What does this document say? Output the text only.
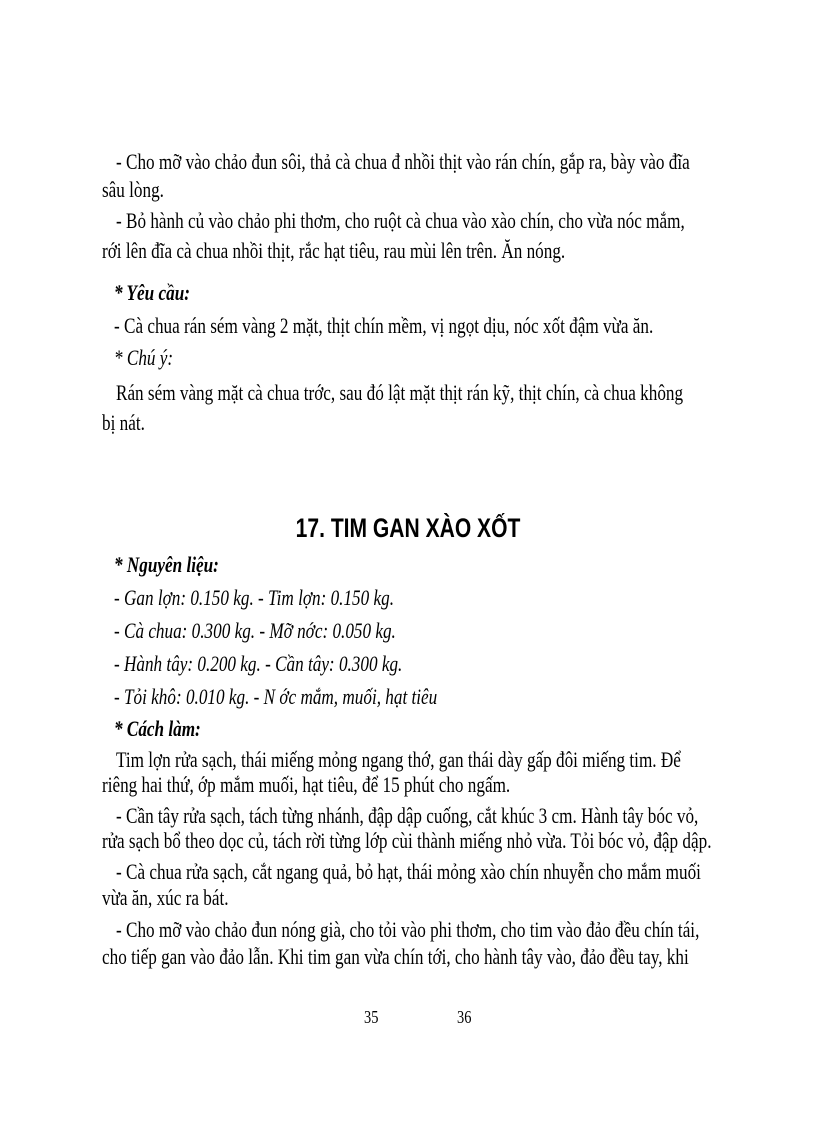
- Cho mỡ vào chảo đun sôi, thả cà chua đ nhồi thịt vào rán chín, gắp ra, bày vào đĩa
sâu lòng.
- Bỏ hành củ vào chảo phi thơm, cho ruột cà chua vào xào chín, cho vừa nóc mắm,
rới lên đĩa cà chua nhồi thịt, rắc hạt tiêu, rau mùi lên trên. Ăn nóng.
* Yêu cầu:
- Cà chua rán sém vàng 2 mặt, thịt chín mềm, vị ngọt dịu, nóc xốt đậm vừa ăn.
* Chú ý:
Rán sém vàng mặt cà chua trớc, sau đó lật mặt thịt rán kỹ, thịt chín, cà chua không
bị nát.
17. TIM GAN XÀO XỐT
* Nguyên liệu:
- Gan lợn: 0.150 kg. - Tim lợn: 0.150 kg.
- Cà chua: 0.300 kg. - Mỡ nớc: 0.050 kg.
- Hành tây: 0.200 kg. - Cần tây: 0.300 kg.
- Tỏi khô: 0.010 kg. - N ớc mắm, muối, hạt tiêu
* Cách làm:
Tim lợn rửa sạch, thái miếng mỏng ngang thớ, gan thái dày gấp đôi miếng tim. Để
riêng hai thứ, ớp mắm muối, hạt tiêu, để 15 phút cho ngấm.
- Cần tây rửa sạch, tách từng nhánh, đập dập cuống, cắt khúc 3 cm. Hành tây bóc vỏ,
rửa sạch bổ theo dọc củ, tách rời từng lớp cùi thành miếng nhỏ vừa. Tỏi bóc vỏ, đập dập.
- Cà chua rửa sạch, cắt ngang quả, bỏ hạt, thái mỏng xào chín nhuyễn cho mắm muối
vừa ăn, xúc ra bát.
- Cho mỡ vào chảo đun nóng già, cho tỏi vào phi thơm, cho tim vào đảo đều chín tái,
cho tiếp gan vào đảo lẫn. Khi tim gan vừa chín tới, cho hành tây vào, đảo đều tay, khi
35	36
